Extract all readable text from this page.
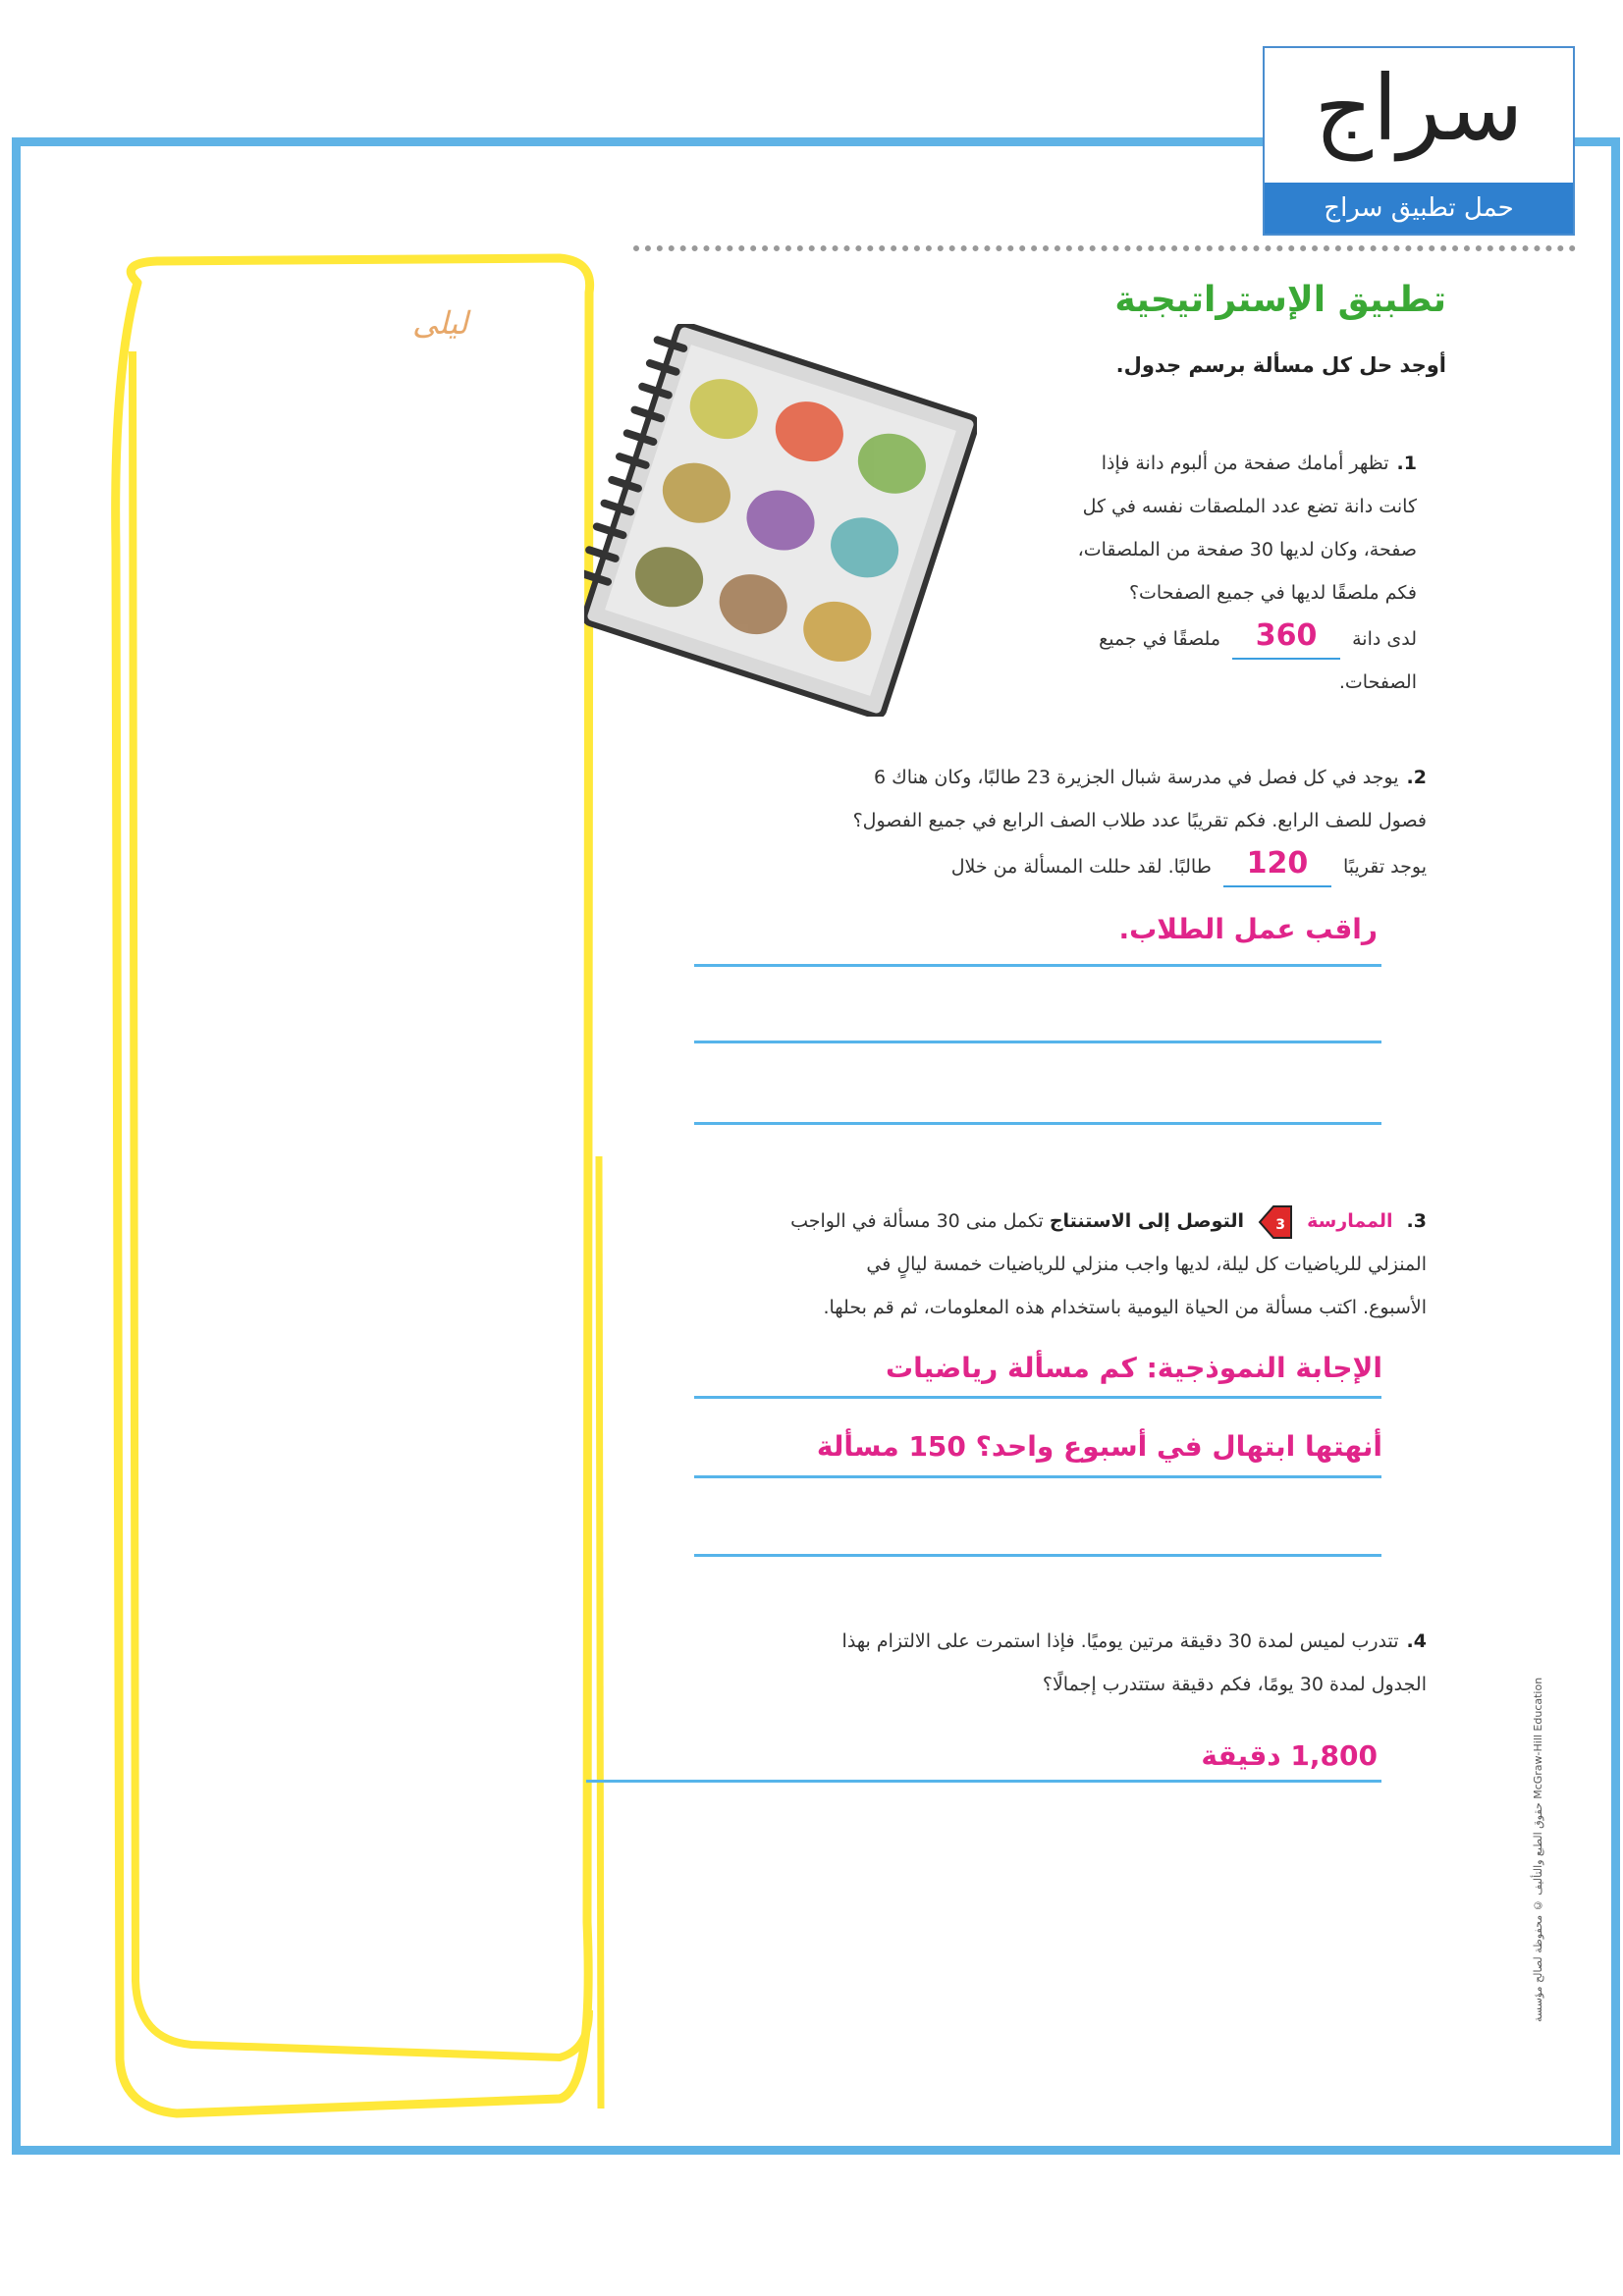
سراج
حمل تطبيق سراج
ليلى
تطبيق الإستراتيجية
أوجد حل كل مسألة برسم جدول.
1.تظهر أمامك صفحة من ألبوم دانة فإذا
كانت دانة تضع عدد الملصقات نفسه في كل
صفحة، وكان لديها 30 صفحة من الملصقات،
فكم ملصقًا لديها في جميع الصفحات؟
لدى دانة 360 ملصقًا في جميع
الصفحات.
2.يوجد في كل فصل في مدرسة شبال الجزيرة 23 طالبًا، وكان هناك 6
فصول للصف الرابع. فكم تقريبًا عدد طلاب الصف الرابع في جميع الفصول؟
يوجد تقريبًا 120 طالبًا. لقد حللت المسألة من خلال
راقب عمل الطلاب.
3. الممارسة
3
التوصل إلى الاستنتاج تكمل منى 30 مسألة في الواجب
المنزلي للرياضيات كل ليلة، لديها واجب منزلي للرياضيات خمسة ليالٍ في
الأسبوع. اكتب مسألة من الحياة اليومية باستخدام هذه المعلومات، ثم قم بحلها.
الإجابة النموذجية: كم مسألة رياضيات
أنهتها ابتهال في أسبوع واحد؟ 150 مسألة
4.تتدرب لميس لمدة 30 دقيقة مرتين يوميًا. فإذا استمرت على الالتزام بهذا
الجدول لمدة 30 يومًا، فكم دقيقة ستتدرب إجمالًا؟
1,800 دقيقة
حقوق الطبع والتأليف © محفوظة لصالح مؤسسة McGraw-Hill Education
